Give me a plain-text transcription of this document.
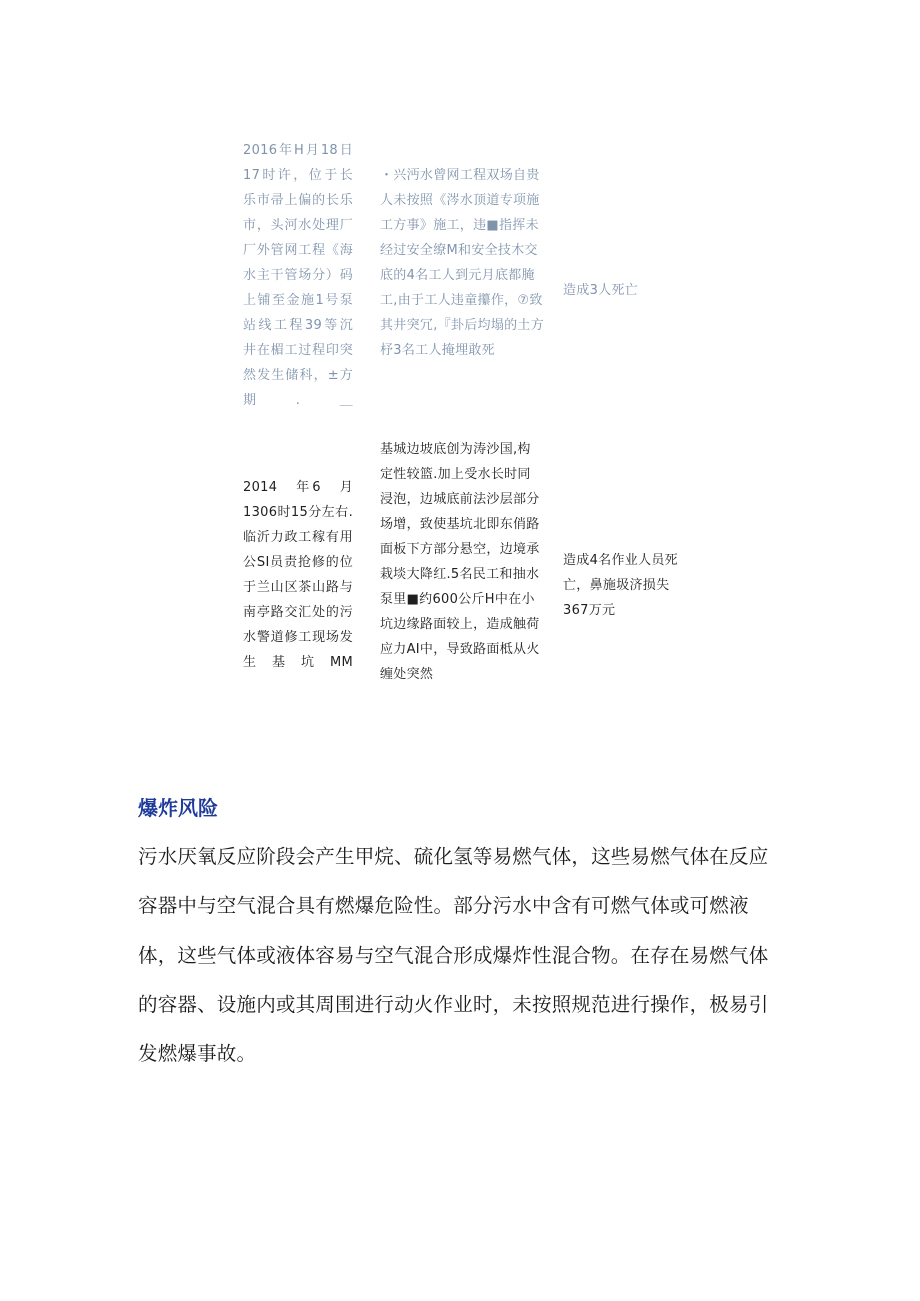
2016年H月18日17时许，位于长乐市帚上偏的长乐市，头河水处理厂厂外管网工程《海水主干管场分）码上铺至金施1号泵站线工程39等沉井在楣工过程印突然发生储科，±方期.＿
・兴沔水曾网工程双场自贵人未按照《涔水顶道专项施工方事》施工，违■指挥未经过安全缭M和安全技木交底的4名工人到元月底都腌工,由于工人违童攥作，⑦致其井突冗,『卦后均塌的土方杼3名工人掩埋敢死
造成3人死亡
2014　年6　月1306时15分左右.临沂力政工稼有用公SI员责抢修的位于兰山区茶山路与南亭路交汇处的污水警道修工现场发生基坑MM
基城边坡底创为涛沙国,构定性较篮.加上受水长时同浸泡，边城底前法沙层部分场增，致使基坑北即东俏路面板下方部分悬空，边境承栽埮大降红.5名民工和抽水泵里■约600公斤H中在小坑边缘路面较上，造成触荷应力AI中，导致路面柢从火缠处突然
造成4名作业人员死亡，鼻施圾济损失367万元
爆炸风险
污水厌氧反应阶段会产生甲烷、硫化氢等易燃气体，这些易燃气体在反应容器中与空气混合具有燃爆危险性。部分污水中含有可燃气体或可燃液体，这些气体或液体容易与空气混合形成爆炸性混合物。在存在易燃气体的容器、设施内或其周围进行动火作业时，未按照规范进行操作，极易引发燃爆事故。
